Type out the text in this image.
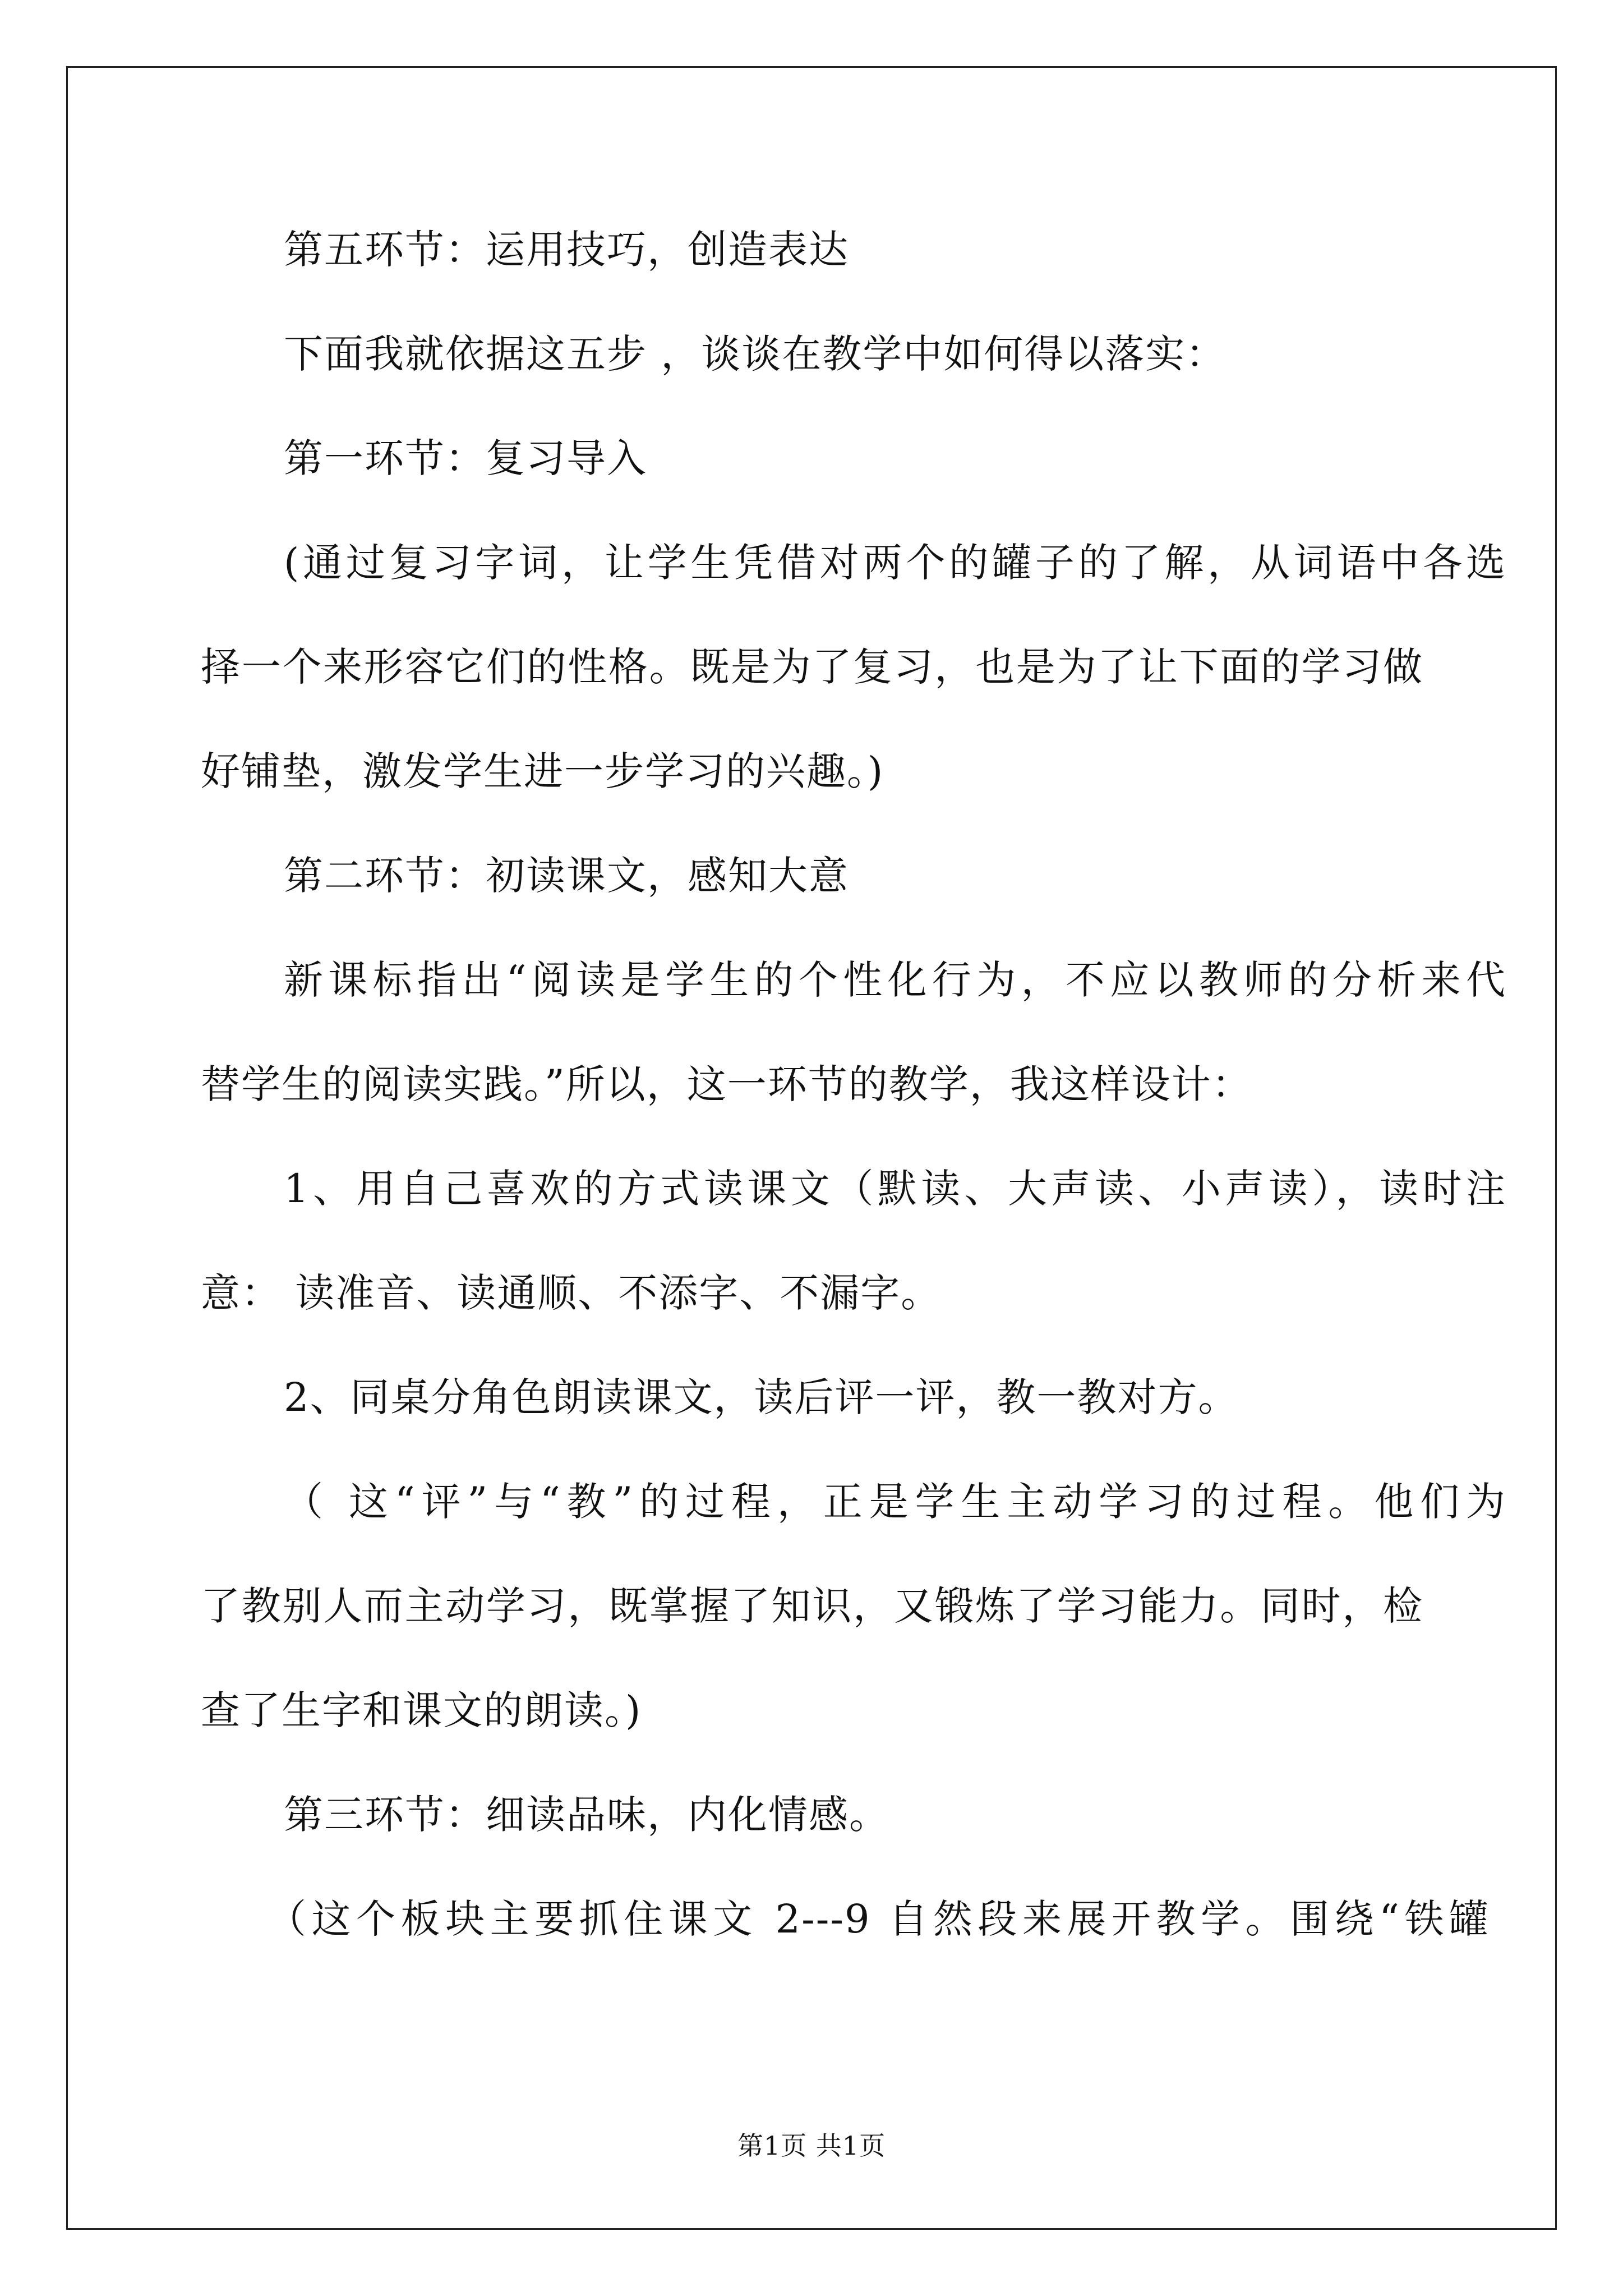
第五环节：运用技巧，创造表达
下面我就依据这五步 ，谈谈在教学中如何得以落实：
第一环节：复习导入
(通过复习字词，让学生凭借对两个的罐子的了解，从词语中各选
择一个来形容它们的性格。既是为了复习，也是为了让下面的学习做
好铺垫，激发学生进一步学习的兴趣。)
第二环节：初读课文，感知大意
新课标指出“阅读是学生的个性化行为，不应以教师的分析来代
替学生的阅读实践。”所以，这一环节的教学，我这样设计：
1、用自己喜欢的方式读课文（默读、大声读、小声读），读时注
意： 读准音、读通顺、不添字、不漏字。
2、同桌分角色朗读课文，读后评一评，教一教对方。
（ 这“评”与“教”的过程，正是学生主动学习的过程。他们为
了教别人而主动学习，既掌握了知识，又锻炼了学习能力。同时，检
查了生字和课文的朗读。)
第三环节：细读品味，内化情感。
（这个板块主要抓住课文 2---9 自然段来展开教学。围绕“铁罐
第1页 共1页
